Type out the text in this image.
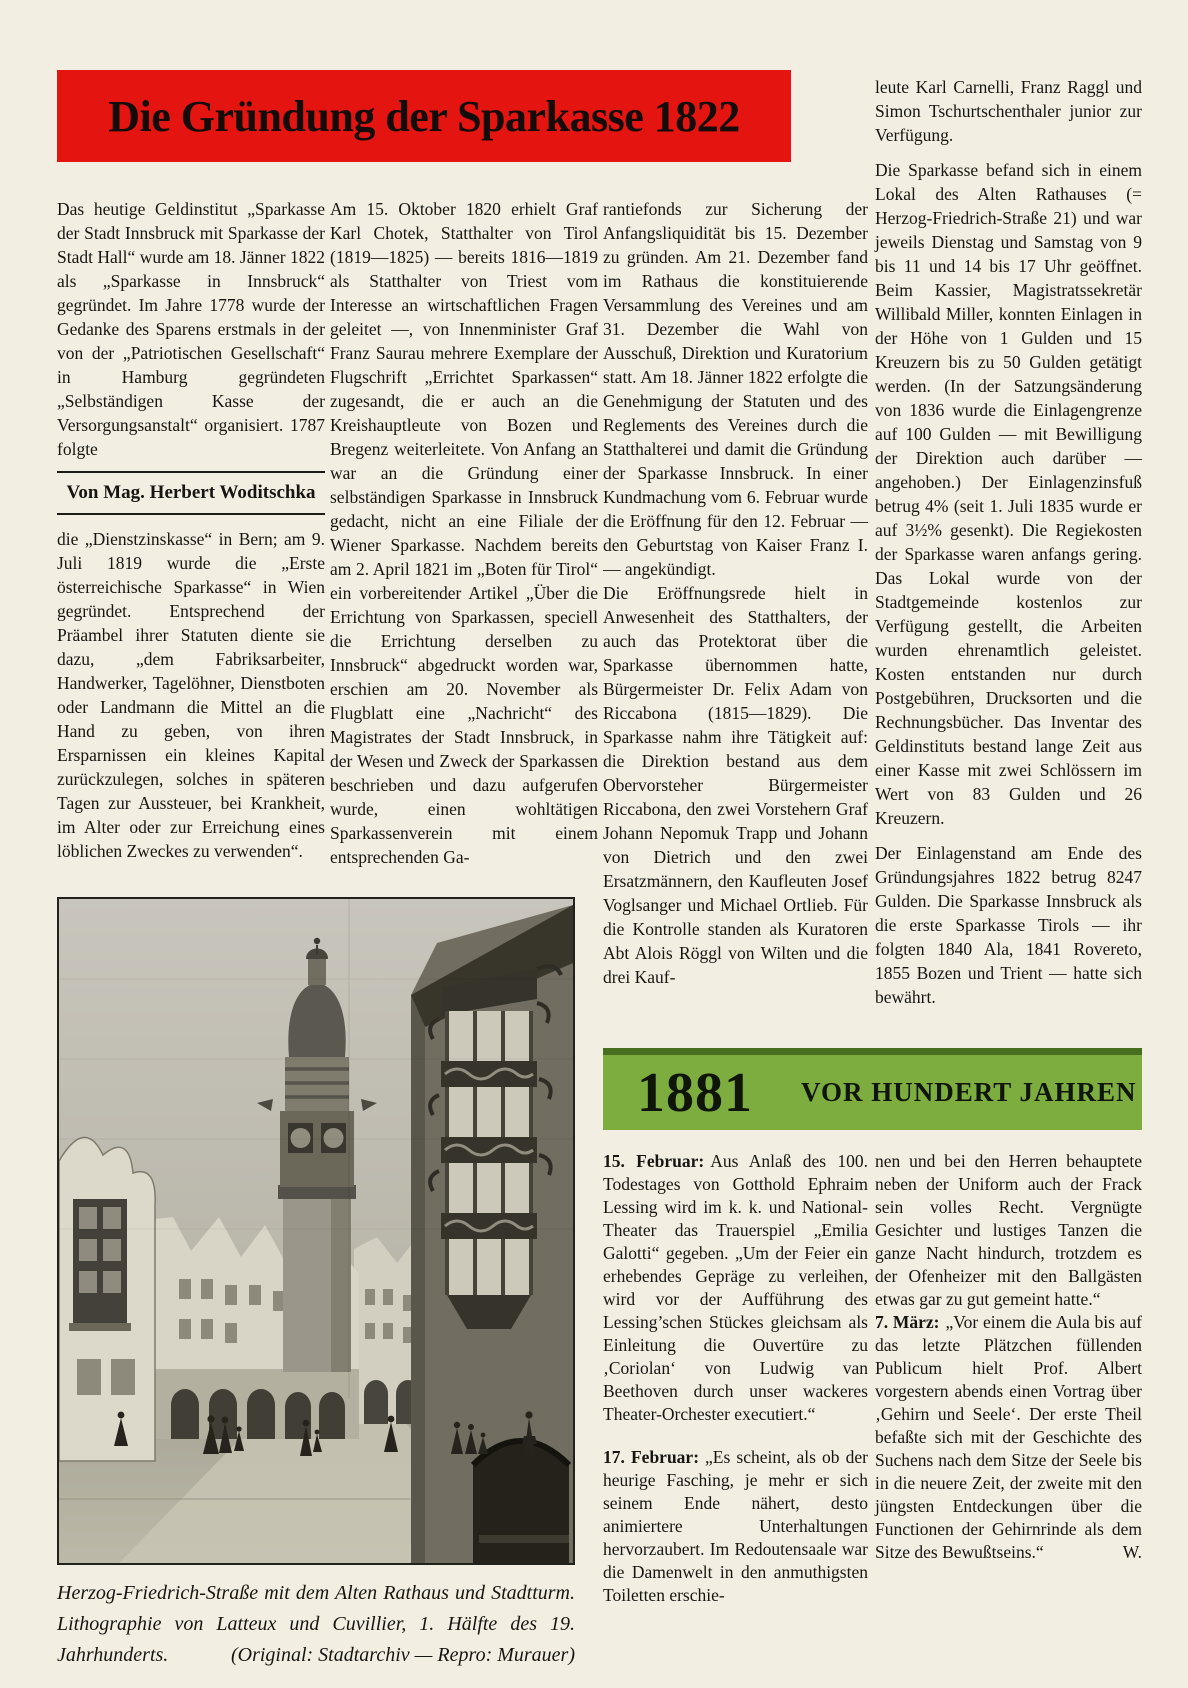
Die Gründung der Sparkasse 1822

Das heutige Geldinstitut „Sparkasse der Stadt Innsbruck mit Sparkasse der Stadt Hall“ wurde am 18. Jänner 1822 als „Sparkasse in Innsbruck“ gegründet. Im Jahre 1778 wurde der Gedanke des Sparens erstmals in der von der „Patriotischen Gesellschaft“ in Hamburg gegründeten „Selbständigen Kasse der Versorgungsanstalt“ organisiert. 1787 folgte

Von Mag. Herbert Woditschka

die „Dienstzinskasse“ in Bern; am 9. Juli 1819 wurde die „Erste österreichische Sparkasse“ in Wien gegründet. Entsprechend der Präambel ihrer Statuten diente sie dazu, „dem Fabriksarbeiter, Handwerker, Tagelöhner, Dienstboten oder Landmann die Mittel an die Hand zu geben, von ihren Ersparnissen ein kleines Kapital zurückzulegen, solches in späteren Tagen zur Aussteuer, bei Krankheit, im Alter oder zur Erreichung eines löblichen Zweckes zu verwenden“.

Am 15. Oktober 1820 erhielt Graf Karl Chotek, Statthalter von Tirol (1819—1825) — bereits 1816—1819 als Statthalter von Triest vom Interesse an wirtschaftlichen Fragen geleitet —, von Innenminister Graf Franz Saurau mehrere Exemplare der Flugschrift „Errichtet Sparkassen“ zugesandt, die er auch an die Kreishauptleute von Bozen und Bregenz weiterleitete. Von Anfang an war an die Gründung einer selbständigen Sparkasse in Innsbruck gedacht, nicht an eine Filiale der Wiener Sparkasse. Nachdem bereits am 2. April 1821 im „Boten für Tirol“ ein vorbereitender Artikel „Über die Errichtung von Sparkassen, speciell die Errichtung derselben zu Innsbruck“ abgedruckt worden war, erschien am 20. November als Flugblatt eine „Nachricht“ des Magistrates der Stadt Innsbruck, in der Wesen und Zweck der Sparkassen beschrieben und dazu aufgerufen wurde, einen wohltätigen Sparkassenverein mit einem entsprechenden Ga-

rantiefonds zur Sicherung der Anfangsliquidität bis 15. Dezember zu gründen. Am 21. Dezember fand im Rathaus die konstituierende Versammlung des Vereines und am 31. Dezember die Wahl von Ausschuß, Direktion und Kuratorium statt. Am 18. Jänner 1822 erfolgte die Genehmigung der Statuten und des Reglements des Vereines durch die Statthalterei und damit die Gründung der Sparkasse Innsbruck. In einer Kundmachung vom 6. Februar wurde die Eröffnung für den 12. Februar — den Geburtstag von Kaiser Franz I. — angekündigt.

Die Eröffnungsrede hielt in Anwesenheit des Statthalters, der auch das Protektorat über die Sparkasse übernommen hatte, Bürgermeister Dr. Felix Adam von Riccabona (1815—1829). Die Sparkasse nahm ihre Tätigkeit auf: die Direktion bestand aus dem Obervorsteher Bürgermeister Riccabona, den zwei Vorstehern Graf Johann Nepomuk Trapp und Johann von Dietrich und den zwei Ersatzmännern, den Kaufleuten Josef Voglsanger und Michael Ortlieb. Für die Kontrolle standen als Kuratoren Abt Alois Röggl von Wilten und die drei Kauf-

leute Karl Carnelli, Franz Raggl und Simon Tschurtschenthaler junior zur Verfügung.

Die Sparkasse befand sich in einem Lokal des Alten Rathauses (= Herzog-Friedrich-Straße 21) und war jeweils Dienstag und Samstag von 9 bis 11 und 14 bis 17 Uhr geöffnet. Beim Kassier, Magistratssekretär Willibald Miller, konnten Einlagen in der Höhe von 1 Gulden und 15 Kreuzern bis zu 50 Gulden getätigt werden. (In der Satzungsänderung von 1836 wurde die Einlagengrenze auf 100 Gulden — mit Bewilligung der Direktion auch darüber — angehoben.) Der Einlagenzinsfuß betrug 4% (seit 1. Juli 1835 wurde er auf 3½% gesenkt). Die Regiekosten der Sparkasse waren anfangs gering. Das Lokal wurde von der Stadtgemeinde kostenlos zur Verfügung gestellt, die Arbeiten wurden ehrenamtlich geleistet. Kosten entstanden nur durch Postgebühren, Drucksorten und die Rechnungsbücher. Das Inventar des Geldinstituts bestand lange Zeit aus einer Kasse mit zwei Schlössern im Wert von 83 Gulden und 26 Kreuzern.

Der Einlagenstand am Ende des Gründungsjahres 1822 betrug 8247 Gulden. Die Sparkasse Innsbruck als die erste Sparkasse Tirols — ihr folgten 1840 Ala, 1841 Rovereto, 1855 Bozen und Trient — hatte sich bewährt.

Herzog-Friedrich-Straße mit dem Alten Rathaus und Stadtturm. Lithographie von Latteux und Cuvillier, 1. Hälfte des 19. Jahrhunderts.	(Original: Stadtarchiv — Repro: Murauer)
1881 VOR HUNDERT JAHREN

15. Februar: Aus Anlaß des 100. Todestages von Gotthold Ephraim Lessing wird im k. k. und National-Theater das Trauerspiel „Emilia Galotti“ gegeben. „Um der Feier ein erhebendes Gepräge zu verleihen, wird vor der Aufführung des Lessing’schen Stückes gleichsam als Einleitung die Ouvertüre zu ‚Coriolan‘ von Ludwig van Beethoven durch unser wackeres Theater-Orchester executiert.“

17. Februar: „Es scheint, als ob der heurige Fasching, je mehr er sich seinem Ende nähert, desto animiertere Unterhaltungen hervorzaubert. Im Redoutensaale war die Damenwelt in den anmuthigsten Toiletten erschie-

nen und bei den Herren behauptete neben der Uniform auch der Frack sein volles Recht. Vergnügte Gesichter und lustiges Tanzen die ganze Nacht hindurch, trotzdem es der Ofenheizer mit den Ballgästen etwas gar zu gut gemeint hatte.“

7. März: „Vor einem die Aula bis auf das letzte Plätzchen füllenden Publicum hielt Prof. Albert vorgestern abends einen Vortrag über ‚Gehirn und Seele‘. Der erste Theil befaßte sich mit der Geschichte des Suchens nach dem Sitze der Seele bis in die neuere Zeit, der zweite mit den jüngsten Entdeckungen über die Functionen der Gehirnrinde als dem Sitze des Bewußtseins.“	W.
